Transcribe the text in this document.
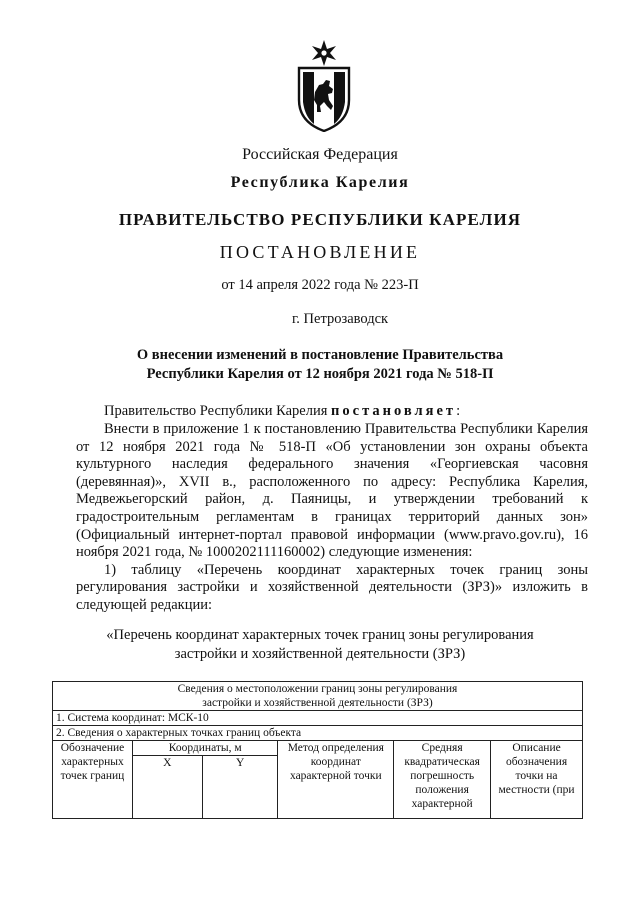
Российская Федерация
Республика Карелия
ПРАВИТЕЛЬСТВО РЕСПУБЛИКИ КАРЕЛИЯ
ПОСТАНОВЛЕНИЕ
от 14 апреля 2022 года № 223-П
г. Петрозаводск
О внесении изменений в постановление Правительства
Республики Карелия от 12 ноября 2021 года № 518-П
Правительство Республики Карелия постановляет:
Внести в приложение 1 к постановлению Правительства Республики Карелия от 12 ноября 2021 года № 518-П «Об установлении зон охраны объекта культурного наследия федерального значения «Георгиевская часовня (деревянная)», XVII в., расположенного по адресу: Республика Карелия, Медвежьегорский район, д. Паяницы, и утверждении требований к градостроительным регламентам в границах территорий данных зон» (Официальный интернет-портал правовой информации (www.pravo.gov.ru), 16 ноября 2021 года, № 1000202111160002) следующие изменения:
1) таблицу «Перечень координат характерных точек границ зоны регулирования застройки и хозяйственной деятельности (ЗРЗ)» изложить в следующей редакции:
«Перечень координат характерных точек границ зоны регулирования
застройки и хозяйственной деятельности (ЗРЗ)
Сведения о местоположении границ зоны регулирования
застройки и хозяйственной деятельности (ЗРЗ)					

1. Система координат: МСК-10					
2. Сведения о характерных точках границ объекта					
Обозначение характерных точек границ	Координаты, м		Метод определения координат характерной точки	Средняя квадратическая погрешность положения характерной	Описание обозначения точки на местности (при
	X	Y			
